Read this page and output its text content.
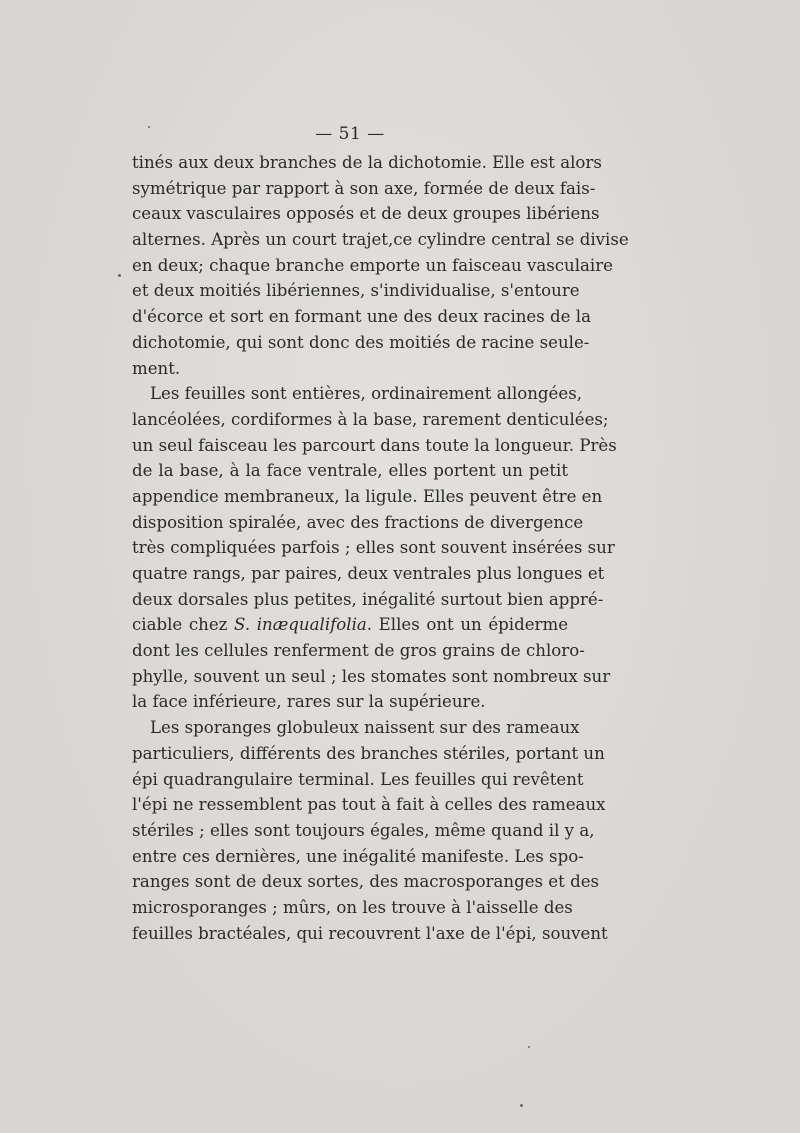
— 51 —
tinés aux deux branches de la dichotomie. Elle est alors
symétrique par rapport à son axe, formée de deux fais-
ceaux vasculaires opposés et de deux groupes libériens
alternes. Après un court trajet,ce cylindre central se divise
en deux; chaque branche emporte un faisceau vasculaire
et deux moitiés libériennes, s'individualise, s'entoure
d'écorce et sort en formant une des deux racines de la
dichotomie, qui sont donc des moitiés de racine seule-
ment.
Les feuilles sont entières, ordinairement allongées,
lancéolées, cordiformes à la base, rarement denticulées;
un seul faisceau les parcourt dans toute la longueur. Près
de la base, à la face ventrale, elles portent un petit
appendice membraneux, la ligule. Elles peuvent être en
disposition spiralée, avec des fractions de divergence
très compliquées parfois ; elles sont souvent insérées sur
quatre rangs, par paires, deux ventrales plus longues et
deux dorsales plus petites, inégalité surtout bien appré-
ciable chez S. inæqualifolia. Elles ont un épiderme
dont les cellules renferment de gros grains de chloro-
phylle, souvent un seul ; les stomates sont nombreux sur
la face inférieure, rares sur la supérieure.
Les sporanges globuleux naissent sur des rameaux
particuliers, différents des branches stériles, portant un
épi quadrangulaire terminal. Les feuilles qui revêtent
l'épi ne ressemblent pas tout à fait à celles des rameaux
stériles ; elles sont toujours égales, même quand il y a,
entre ces dernières, une inégalité manifeste. Les spo-
ranges sont de deux sortes, des macrosporanges et des
microsporanges ; mûrs, on les trouve à l'aisselle des
feuilles bractéales, qui recouvrent l'axe de l'épi, souvent
